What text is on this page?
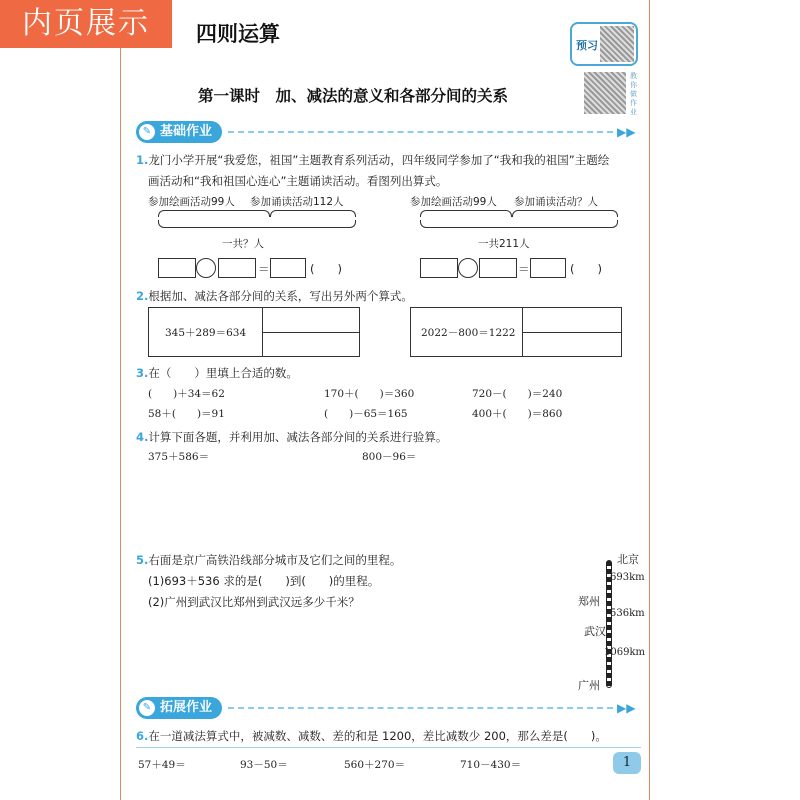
内页展示	四则运算	预习
教你做作业
第一课时　加、减法的意义和各部分间的关系
✎ 基础作业	▶▶
1.龙门小学开展“我爱您，祖国”主题教育系列活动，四年级同学参加了“我和我的祖国”主题绘
画活动和“我和祖国心连心”主题诵读活动。看图列出算式。
参加绘画活动99人 参加诵读活动112人
一共？人
参加绘画活动99人 参加诵读活动？人
一共211人
＝	(　　)	＝	(　　)
2.根据加、减法各部分间的关系，写出另外两个算式。
345＋289＝634	2022－800＝1222
3.在（　　）里填上合适的数。
(　　)＋34＝62	170＋(　　)＝360	720－(　　)＝240
58＋(　　)＝91	(　　)－65＝165	400＋(　　)＝860
4.计算下面各题，并利用加、减法各部分间的关系进行验算。
375＋586＝	800－96＝
5.右面是京广高铁沿线部分城市及它们之间的里程。
(1)693＋536 求的是(　　)到(　　)的里程。
(2)广州到武汉比郑州到武汉远多少千米？
北京
郑州
武汉
广州
693km
536km
1069km
✎ 拓展作业	▶▶
6.在一道减法算式中，被减数、减数、差的和是 1200，差比减数少 200，那么差是(　　)。
57＋49＝	93－50＝	560＋270＝	710－430＝	1
